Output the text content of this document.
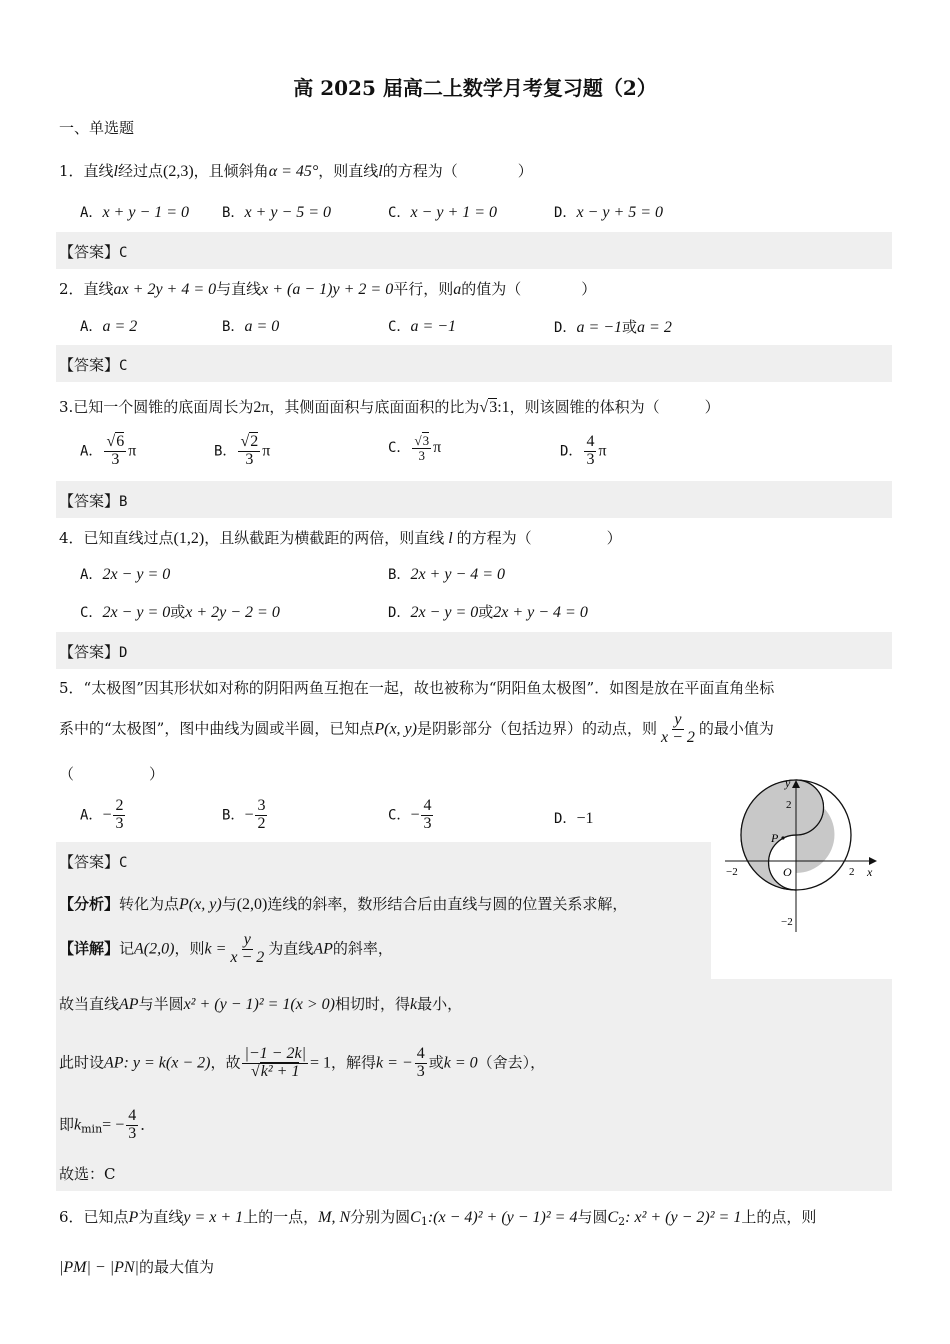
高 2025 届高二上数学月考复习题（2）
一、单选题
1．直线l经过点(2,3)，且倾斜角α = 45°，则直线l的方程为（　　　　）
A．x + y − 1 = 0 B．x + y − 5 = 0	C．x − y + 1 = 0	D．x − y + 5 = 0
【答案】C
2．直线ax + 2y + 4 = 0与直线x + (a − 1)y + 2 = 0平行，则a的值为（　　　　）
A．a = 2	B．a = 0	C．a = −1	D．a = −1或a = 2
【答案】C
3.已知一个圆锥的底面周长为2π，其侧面面积与底面面积的比为√3:1，则该圆锥的体积为（　　　）
A． $\frac{√6}{3}$ π	B． $\frac{√2}{3}$ π	C． $\frac{√3}{3}$ π	D． $\frac{4}{3}$ π
【答案】B
4．已知直线过点(1,2)，且纵截距为横截距的两倍，则直线 l 的方程为（　　　　　）
A．2x − y = 0	B．2x + y − 4 = 0
C．2x − y = 0或x + 2y − 2 = 0	D．2x − y = 0或2x + y − 4 = 0
【答案】D
5．“太极图”因其形状如对称的阴阳两鱼互抱在一起，故也被称为“阴阳鱼太极图”．如图是放在平面直角坐标
系中的“太极图”，图中曲线为圆或半圆，已知点P(x, y)是阴影部分（包括边界）的动点，则 $\frac{y}{x - 2}$ 的最小值为
（　　　　　）
A．− $\frac{2}{3}$	B．− $\frac{3}{2}$	C．− $\frac{4}{3}$	D．−1
【答案】C
【分析】转化为点P(x, y)与(2,0)连线的斜率，数形结合后由直线与圆的位置关系求解，
【详解】记A(2,0)，则$k = \frac{y}{x - 2}$ 为直线AP的斜率，
故当直线AP与半圆x² + (y − 1)² = 1(x > 0)相切时，得k最小，
此时设AP: y = k(x − 2)，故 $\frac{|-1 - 2k|}{\text{√k² + 1}} = 1$，解得k = − $\frac{4}{3}$ 或k = 0（舍去），
即$k_{min}= - \frac{4}{3}$ ．
故选：C
x
y
P
O	2
−2
2
−2
6．已知点P为直线y = x + 1上的一点，M, N分别为圆$C_1:(x - 4)^2 + (y - 1)^2 = 4$与圆$C_2$: x² + (y − 2)² = 1上的点，则
|PM| − |PN|的最大值为
